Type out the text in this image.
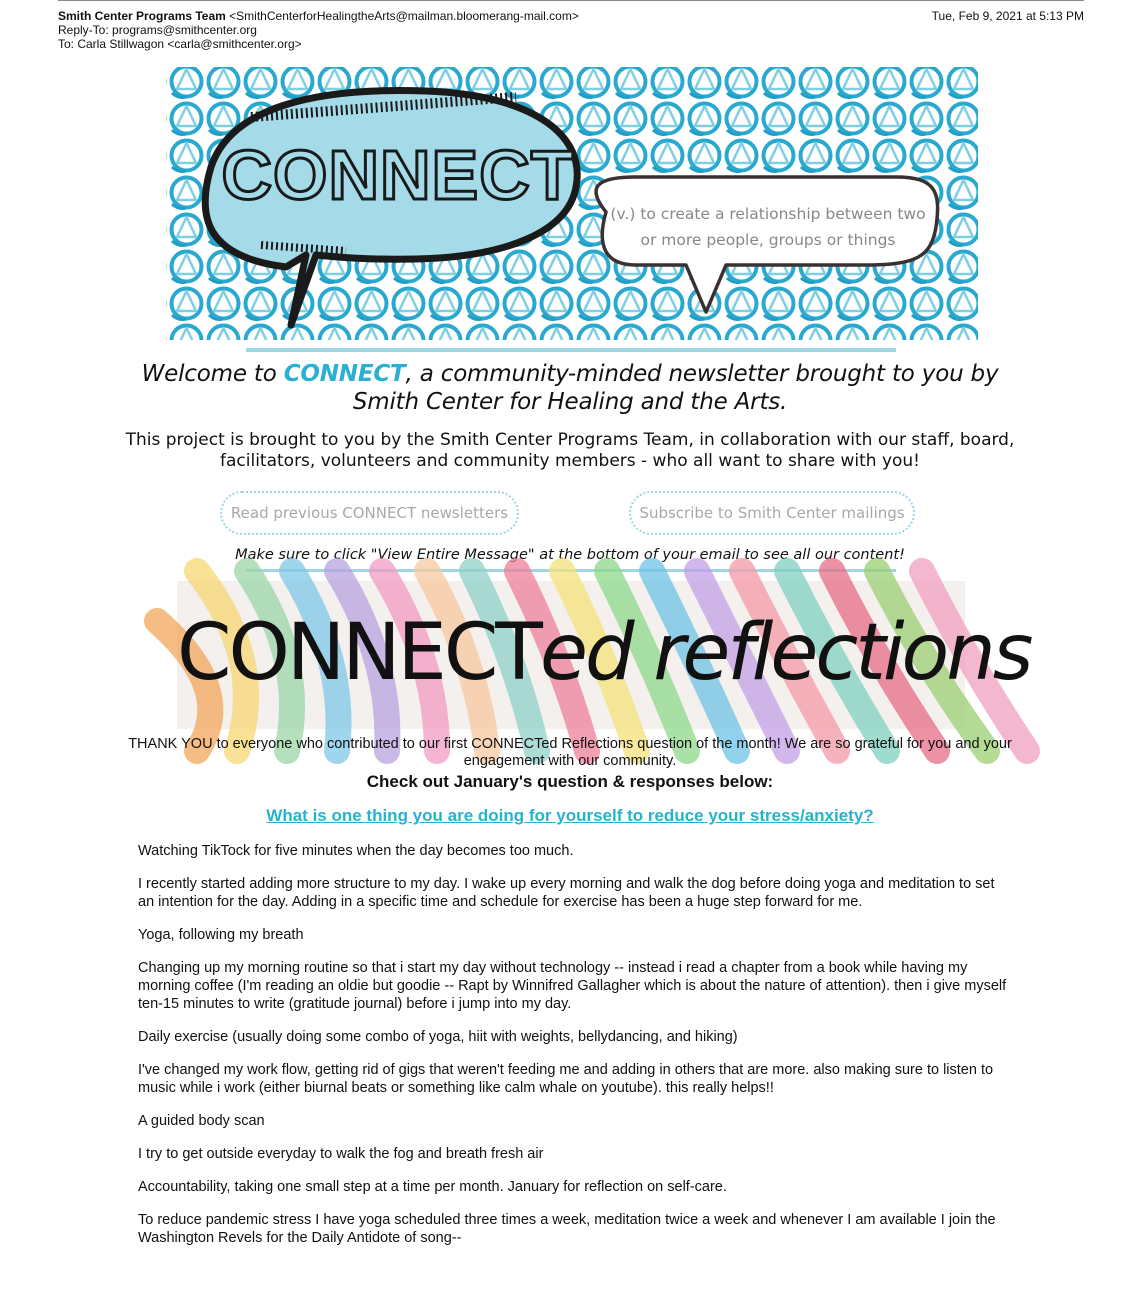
Smith Center Programs Team <SmithCenterforHealingtheArts@mailman.bloomerang-mail.com>	Tue, Feb 9, 2021 at 5:13 PM
Reply-To: programs@smithcenter.org
To: Carla Stillwagon <carla@smithcenter.org>
CONNECT (v.) to create a relationship between two
or more people, groups or things
Welcome to CONNECT, a community-minded newsletter brought to you by Smith Center for Healing and the Arts.
This project is brought to you by the Smith Center Programs Team, in collaboration with our staff, board, facilitators, volunteers and community members - who all want to share with you!
Read previous CONNECT newsletters	Subscribe to Smith Center mailings
Make sure to click "View Entire Message" at the bottom of your email to see all our content!
CONNECTed reflections
THANK YOU to everyone who contributed to our first CONNECTed Reflections question of the month! We are so grateful for you and your engagement with our community.
Check out January's question & responses below:
What is one thing you are doing for yourself to reduce your stress/anxiety?
Watching TikTock for five minutes when the day becomes too much.
I recently started adding more structure to my day. I wake up every morning and walk the dog before doing yoga and meditation to set an intention for the day. Adding in a specific time and schedule for exercise has been a huge step forward for me.
Yoga, following my breath
Changing up my morning routine so that i start my day without technology -- instead i read a chapter from a book while having my morning coffee (I'm reading an oldie but goodie -- Rapt by Winnifred Gallagher which is about the nature of attention). then i give myself ten-15 minutes to write (gratitude journal) before i jump into my day.
Daily exercise (usually doing some combo of yoga, hiit with weights, bellydancing, and hiking)
I've changed my work flow, getting rid of gigs that weren't feeding me and adding in others that are more. also making sure to listen to music while i work (either biurnal beats or something like calm whale on youtube). this really helps!!
A guided body scan
I try to get outside everyday to walk the fog and breath fresh air
Accountability, taking one small step at a time per month. January for reflection on self-care.
To reduce pandemic stress I have yoga scheduled three times a week, meditation twice a week and whenever I am available I join the Washington Revels for the Daily Antidote of song--
